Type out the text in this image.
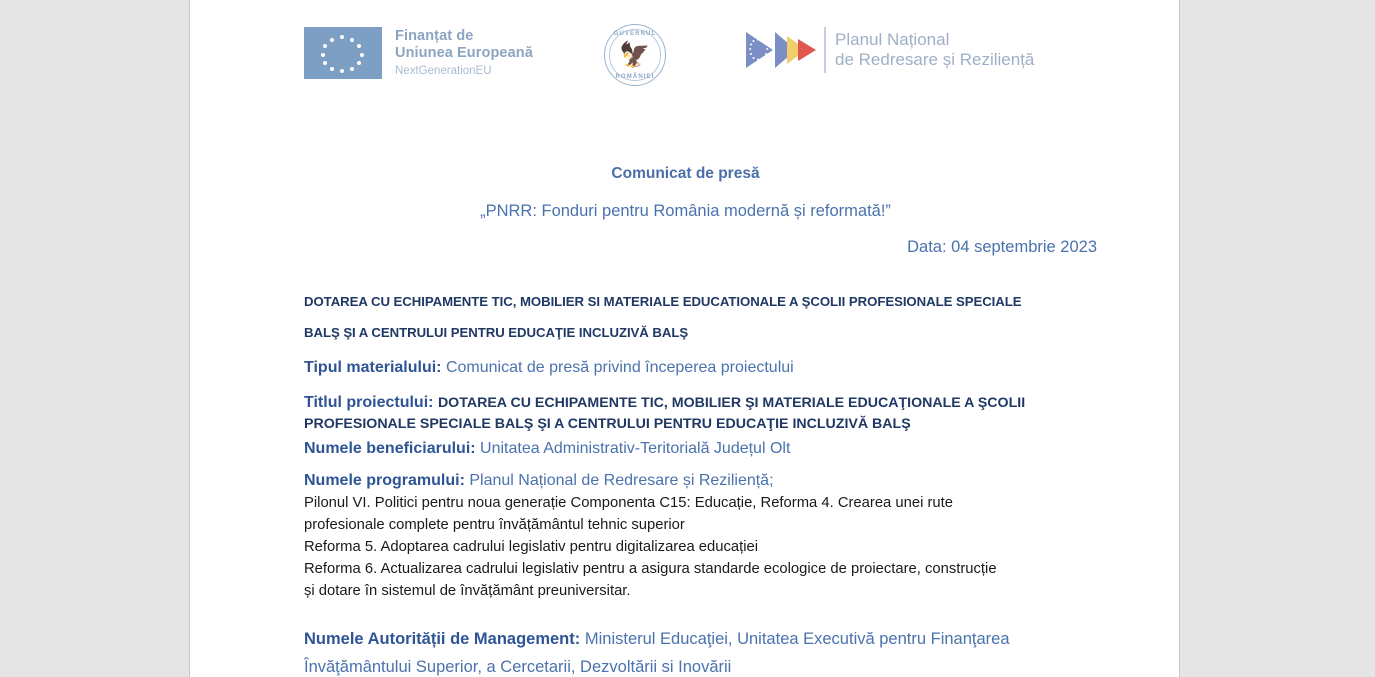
Finanțat de
Uniunea Europeană
NextGenerationEU
GUVERNUL
🦅
ROMÂNIEI
Planul Național
de Redresare și Reziliență
Comunicat de presă
„PNRR: Fonduri pentru România modernă și reformată!”
Data: 04 septembrie 2023
DOTAREA CU ECHIPAMENTE TIC, MOBILIER SI MATERIALE EDUCATIONALE A ŞCOLII PROFESIONALE SPECIALE
BALŞ ŞI A CENTRULUI PENTRU EDUCAŢIE INCLUZIVĂ BALŞ
Tipul materialului: Comunicat de presă privind începerea proiectului
Titlul proiectului: DOTAREA CU ECHIPAMENTE TIC, MOBILIER ŞI MATERIALE EDUCAŢIONALE A ŞCOLII PROFESIONALE SPECIALE BALŞ ŞI A CENTRULUI PENTRU EDUCAŢIE INCLUZIVĂ BALŞ
Numele beneficiarului: Unitatea Administrativ-Teritorială Județul Olt
Numele programului: Planul Național de Redresare și Reziliență;

Pilonul VI. Politici pentru noua generație Componenta C15: Educație, Reforma 4. Crearea unei rute

profesionale complete pentru învățământul tehnic superior

Reforma 5. Adoptarea cadrului legislativ pentru digitalizarea educației

Reforma 6. Actualizarea cadrului legislativ pentru a asigura standarde ecologice de proiectare, construcție

și dotare în sistemul de învățământ preuniversitar.

Numele Autorității de Management: Ministerul Educaţiei, Unitatea Executivă pentru Finanţarea Învăţământului Superior, a Cercetarii, Dezvoltării si Inovării
